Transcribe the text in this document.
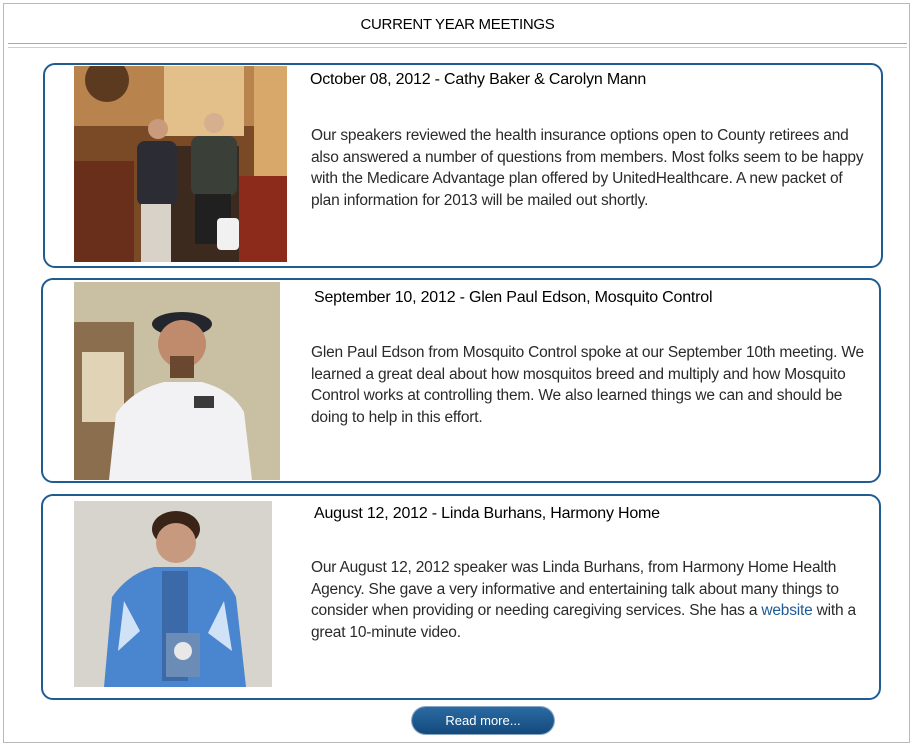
CURRENT YEAR MEETINGS
October 08, 2012 - Cathy Baker & Carolyn Mann
Our speakers reviewed the health insurance options open to County retirees and also answered a number of questions from members. Most folks seem to be happy with the Medicare Advantage plan offered by UnitedHealthcare. A new packet of plan information for 2013 will be mailed out shortly.
September 10, 2012 - Glen Paul Edson, Mosquito Control
Glen Paul Edson from Mosquito Control spoke at our September 10th meeting. We learned a great deal about how mosquitos breed and multiply and how Mosquito Control works at controlling them. We also learned things we can and should be doing to help in this effort.
August 12, 2012 - Linda Burhans, Harmony Home
Our August 12, 2012 speaker was Linda Burhans, from Harmony Home Health Agency. She gave a very informative and entertaining talk about many things to consider when providing or needing caregiving services. She has a website with a great 10-minute video.
Read more...
